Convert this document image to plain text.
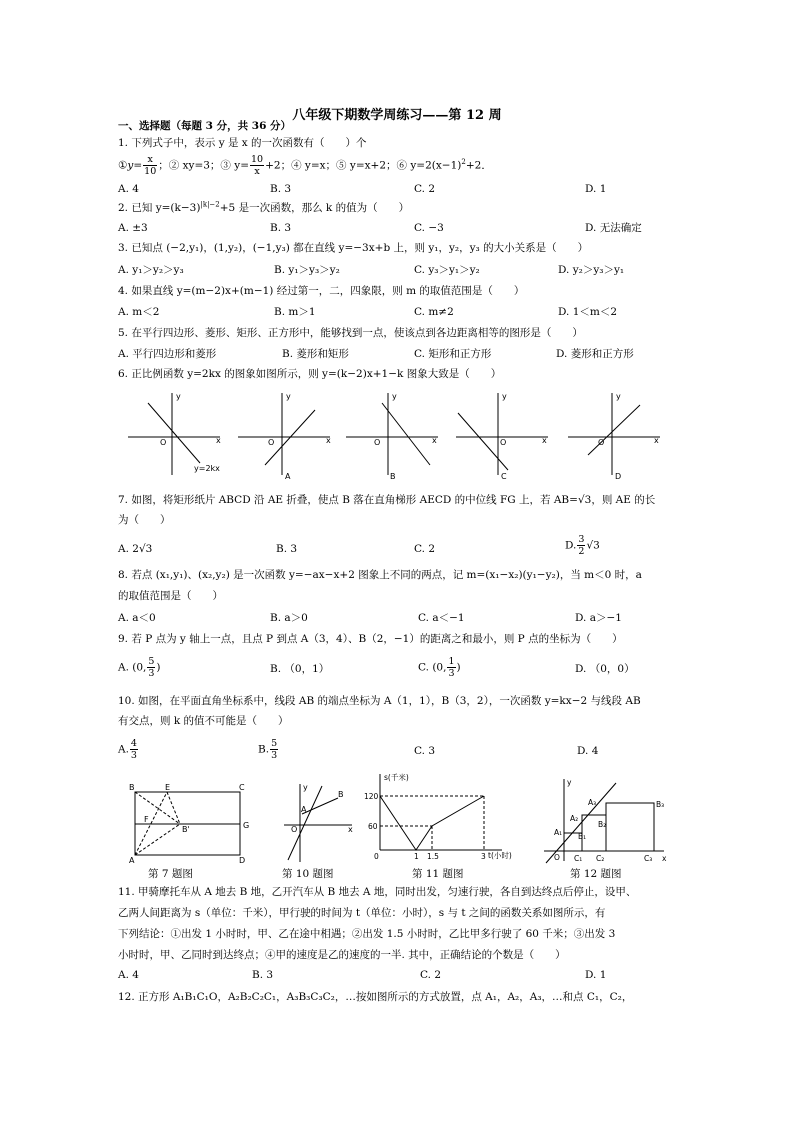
八年级下期数学周练习——第 12 周
一、选择题（每题 3 分，共 36 分）
1. 下列式子中，表示 y 是 x 的一次函数有（　　）个
①y= $\frac{x}{10}$ ；② xy=3；③ $y= \frac{10}{x} +2$；④ y=x；⑤ y=x+2；⑥ $y=2(x-1)^2+2$．
A. 4	B. 3	C. 2	D. 1
2. 已知 $y=(k-3)^{|k|-2}+5$ 是一次函数，那么 k 的值为（　　）
A. ±3	B. 3	C. −3	D. 无法确定
3. 已知点 (−2,y₁)，(1,y₂)，(−1,y₃) 都在直线 y=−3x+b 上，则 y₁，y₂，y₃ 的大小关系是（　　）
A. y₁＞y₂＞y₃	B. y₁＞y₃＞y₂	C. y₃＞y₁＞y₂	D. y₂＞y₃＞y₁
4. 如果直线 y=(m−2)x+(m−1) 经过第一，二，四象限，则 m 的取值范围是（　　）
A. m＜2	B. m＞1	C. m≠2	D. 1＜m＜2
5. 在平行四边形、菱形、矩形、正方形中，能够找到一点，使该点到各边距离相等的图形是（　　）
A. 平行四边形和菱形	B. 菱形和矩形	C. 矩形和正方形	D. 菱形和正方形
6. 正比例函数 y=2kx 的图象如图所示，则 y=(k−2)x+1−k 图象大致是（　　）
y
x
O
y=2kx
y
x
O
A
y
x
O
B
y
x
O
C
y
x
O
D
7. 如图，将矩形纸片 ABCD 沿 AE 折叠，使点 B 落在直角梯形 AECD 的中位线 FG 上，若 AB=√3，则 AE 的长
为（　　）
A. 2√3	B. 3	C. 2	D. $\frac{3}{2} √3$
8. 若点 (x₁,y₁)、(x₂,y₂) 是一次函数 y=−ax−x+2 图象上不同的两点，记 m=(x₁−x₂)(y₁−y₂)，当 m＜0 时，a
的取值范围是（　　）
A. a＜0	B. a＞0	C. a＜−1	D. a＞−1
9. 若 P 点为 y 轴上一点，且点 P 到点 A（3，4）、B（2，−1）的距离之和最小，则 P 点的坐标为（　　）
A. (0, $\frac{5}{3}$ )	B. （0，1）	C. (0, $\frac{1}{3}$ )	D. （0，0）
10. 如图，在平面直角坐标系中，线段 AB 的端点坐标为 A（1，1），B（3，2），一次函数 y=kx−2 与线段 AB
有交点，则 k 的值不可能是（　　）
A. $\frac{4}{3}$	B. $\frac{5}{3}$	C. 3	D. 4
B	E	C
F
G
B'
A	D
第 7 题图
y
x
O
A
B
第 10 题图
s(千米)
t(小时)
120
60
0	1 1.5	3
第 11 题图
y
x
O
A₁
A₂
A₃
B₁
B₂
B₃
C₁ C₂	C₃
第 12 题图
11. 甲骑摩托车从 A 地去 B 地，乙开汽车从 B 地去 A 地，同时出发，匀速行驶，各自到达终点后停止，设甲、
乙两人间距离为 s（单位：千米），甲行驶的时间为 t（单位：小时），s 与 t 之间的函数关系如图所示，有
下列结论：①出发 1 小时时，甲、乙在途中相遇；②出发 1.5 小时时，乙比甲多行驶了 60 千米；③出发 3
小时时，甲、乙同时到达终点；④甲的速度是乙的速度的一半. 其中，正确结论的个数是（　　）
A. 4	B. 3	C. 2	D. 1
12. 正方形 A₁B₁C₁O，A₂B₂C₂C₁，A₃B₃C₃C₂，…按如图所示的方式放置，点 A₁，A₂，A₃，…和点 C₁，C₂，
